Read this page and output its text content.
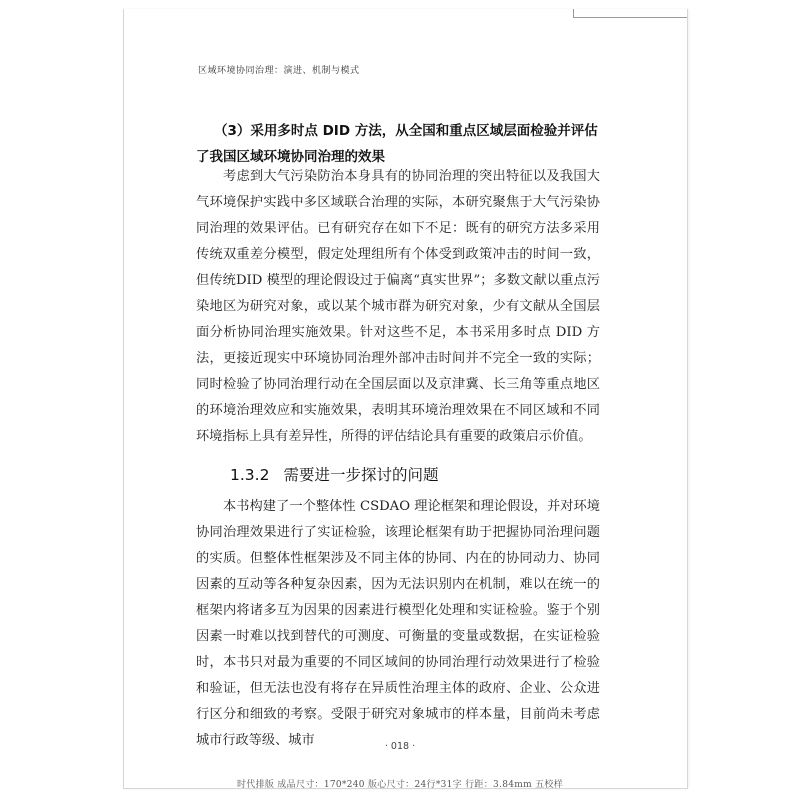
区域环境协同治理：演进、机制与模式
（3）采用多时点 DID 方法，从全国和重点区域层面检验并评估了我国区域环境协同治理的效果
考虑到大气污染防治本身具有的协同治理的突出特征以及我国大气环境保护实践中多区域联合治理的实际，本研究聚焦于大气污染协同治理的效果评估。已有研究存在如下不足：既有的研究方法多采用传统双重差分模型，假定处理组所有个体受到政策冲击的时间一致，但传统DID 模型的理论假设过于偏离“真实世界”；多数文献以重点污染地区为研究对象，或以某个城市群为研究对象，少有文献从全国层面分析协同治理实施效果。针对这些不足，本书采用多时点 DID 方法，更接近现实中环境协同治理外部冲击时间并不完全一致的实际；同时检验了协同治理行动在全国层面以及京津冀、长三角等重点地区的环境治理效应和实施效果，表明其环境治理效果在不同区域和不同环境指标上具有差异性，所得的评估结论具有重要的政策启示价值。
1.3.2 需要进一步探讨的问题
本书构建了一个整体性 CSDAO 理论框架和理论假设，并对环境协同治理效果进行了实证检验，该理论框架有助于把握协同治理问题的实质。但整体性框架涉及不同主体的协同、内在的协同动力、协同因素的互动等各种复杂因素，因为无法识别内在机制，难以在统一的框架内将诸多互为因果的因素进行模型化处理和实证检验。鉴于个别因素一时难以找到替代的可测度、可衡量的变量或数据，在实证检验时，本书只对最为重要的不同区域间的协同治理行动效果进行了检验和验证，但无法也没有将存在异质性治理主体的政府、企业、公众进行区分和细致的考察。受限于研究对象城市的样本量，目前尚未考虑城市行政等级、城市	· 018 ·
时代排版 成品尺寸：170*240 版心尺寸：24行*31字 行距：3.84mm 五校样
